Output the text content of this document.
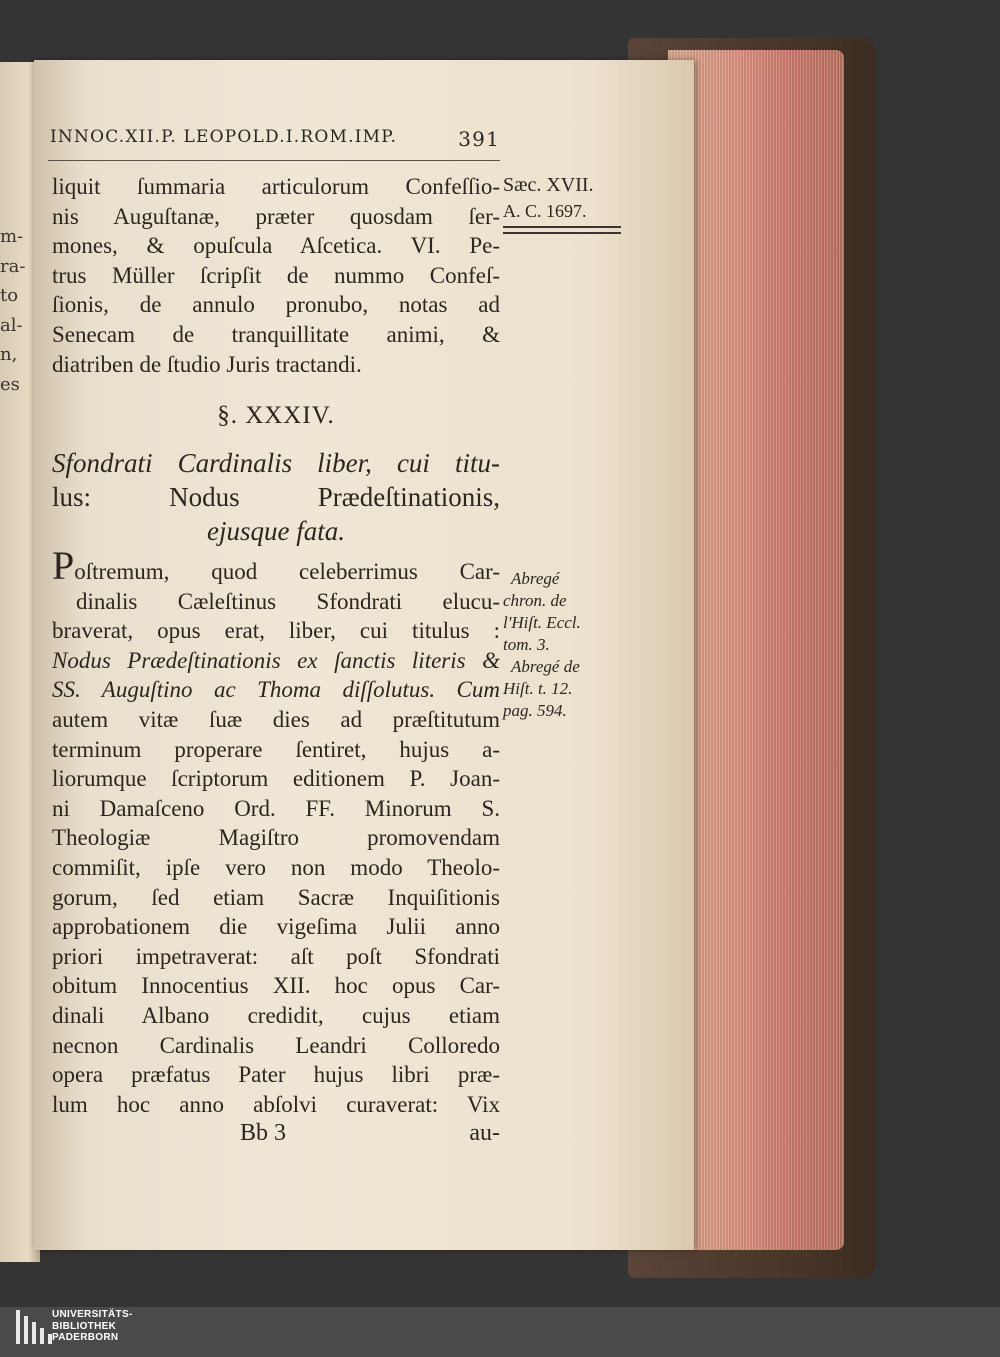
m-
ra-
to
al-
n,
es
INNOC.XII.P. LEOPOLD.I.ROM.IMP.	391
liquit ſummaria articulorum Confeſſio-
nis Auguſtanæ, præter quosdam ſer-
mones, & opuſcula Aſcetica. VI. Pe-
trus Müller ſcripſit de nummo Confeſ-
ſionis, de annulo pronubo, notas ad
Senecam de tranquillitate animi, &
diatriben de ſtudio Juris tractandi.
Sæc. XVII.
A. C. 1697.
§. XXXIV.
Sfondrati Cardinalis liber, cui titu-
lus: Nodus Prædeſtinationis,
ejusque fata.
Poſtremum, quod celeberrimus Car-
dinalis Cæleſtinus Sfondrati elucu-
braverat, opus erat, liber, cui titulus :
Nodus Prædeſtinationis ex ſanctis literis &
SS. Auguſtino ac Thoma diſſolutus. Cum
autem vitæ ſuæ dies ad præſtitutum
terminum properare ſentiret, hujus a-
liorumque ſcriptorum editionem P. Joan-
ni Damaſceno Ord. FF. Minorum S.
Theologiæ Magiſtro promovendam
commiſit, ipſe vero non modo Theolo-
gorum, ſed etiam Sacræ Inquiſitionis
approbationem die vigeſima Julii anno
priori impetraverat: aſt poſt Sfondrati
obitum Innocentius XII. hoc opus Car-
dinali Albano credidit, cujus etiam
necnon Cardinalis Leandri Colloredo
opera præfatus Pater hujus libri præ-
lum hoc anno abſolvi curaverat: Vix
Abregé
chron. de
l'Hiſt. Eccl.
tom. 3.
Abregé de
Hiſt. t. 12.
pag. 594.
Bb 3	au-
UNIVERSITÄTS-
BIBLIOTHEK
PADERBORN
